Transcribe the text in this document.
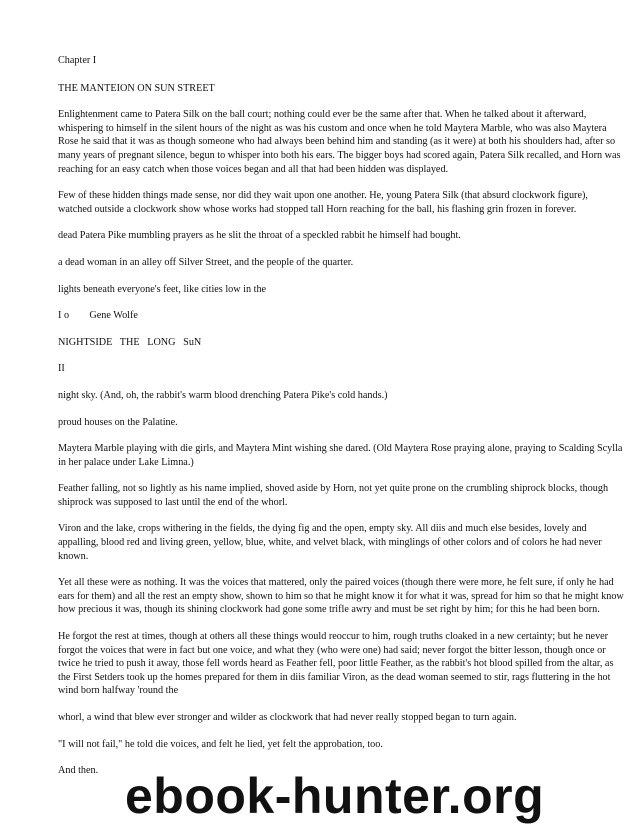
Chapter I

THE MANTEION ON SUN STREET

Enlightenment came to Patera Silk on the ball court; nothing could ever be the same after that. When he talked about it afterward, whispering to himself in the silent hours of the night as was his custom and once when he told Maytera Marble, who was also Maytera Rose he said that it was as though someone who had always been behind him and standing (as it were) at both his shoulders had, after so many years of pregnant silence, begun to whisper into both his ears. The bigger boys had scored again, Patera Silk recalled, and Horn was reaching for an easy catch when those voices began and all that had been hidden was displayed.

Few of these hidden things made sense, nor did they wait upon one another. He, young Patera Silk (that absurd clockwork figure), watched outside a clockwork show whose works had stopped tall Horn reaching for the ball, his flashing grin frozen in forever.

dead Patera Pike mumbling prayers as he slit the throat of a speckled rabbit he himself had bought.

a dead woman in an alley off Silver Street, and the people of the quarter.

lights beneath everyone's feet, like cities low in the

I o        Gene Wolfe

NIGHTSIDE   THE   LONG   SuN

II

night sky. (And, oh, the rabbit's warm blood drenching Patera Pike's cold hands.)

proud houses on the Palatine.

Maytera Marble playing with die girls, and Maytera Mint wishing she dared. (Old Maytera Rose praying alone, praying to Scalding Scylla in her palace under Lake Limna.)

Feather falling, not so lightly as his name implied, shoved aside by Horn, not yet quite prone on the crumbling shiprock blocks, though shiprock was supposed to last until the end of the whorl.

Viron and the lake, crops withering in the fields, the dying fig and the open, empty sky. All diis and much else besides, lovely and appalling, blood red and living green, yellow, blue, white, and velvet black, with minglings of other colors and of colors he had never known.

Yet all these were as nothing. It was the voices that mattered, only the paired voices (though there were more, he felt sure, if only he had ears for them) and all the rest an empty show, shown to him so that he might know it for what it was, spread for him so that he might know how precious it was, though its shining clockwork had gone some trifle awry and must be set right by him; for this he had been born.

He forgot the rest at times, though at others all these things would reoccur to him, rough truths cloaked in a new certainty; but he never forgot the voices that were in fact but one voice, and what they (who were one) had said; never forgot the bitter lesson, though once or twice he tried to push it away, those fell words heard as Feather fell, poor little Feather, as the rabbit's hot blood spilled from the altar, as the First Setders took up the homes prepared for them in diis familiar Viron, as the dead woman seemed to stir, rags fluttering in the hot wind born halfway 'round the

whorl, a wind that blew ever stronger and wilder as clockwork that had never really stopped began to turn again.

"I will not fail," he told die voices, and felt he lied, yet felt the approbation, too.

And then. ebook-hunter.org
